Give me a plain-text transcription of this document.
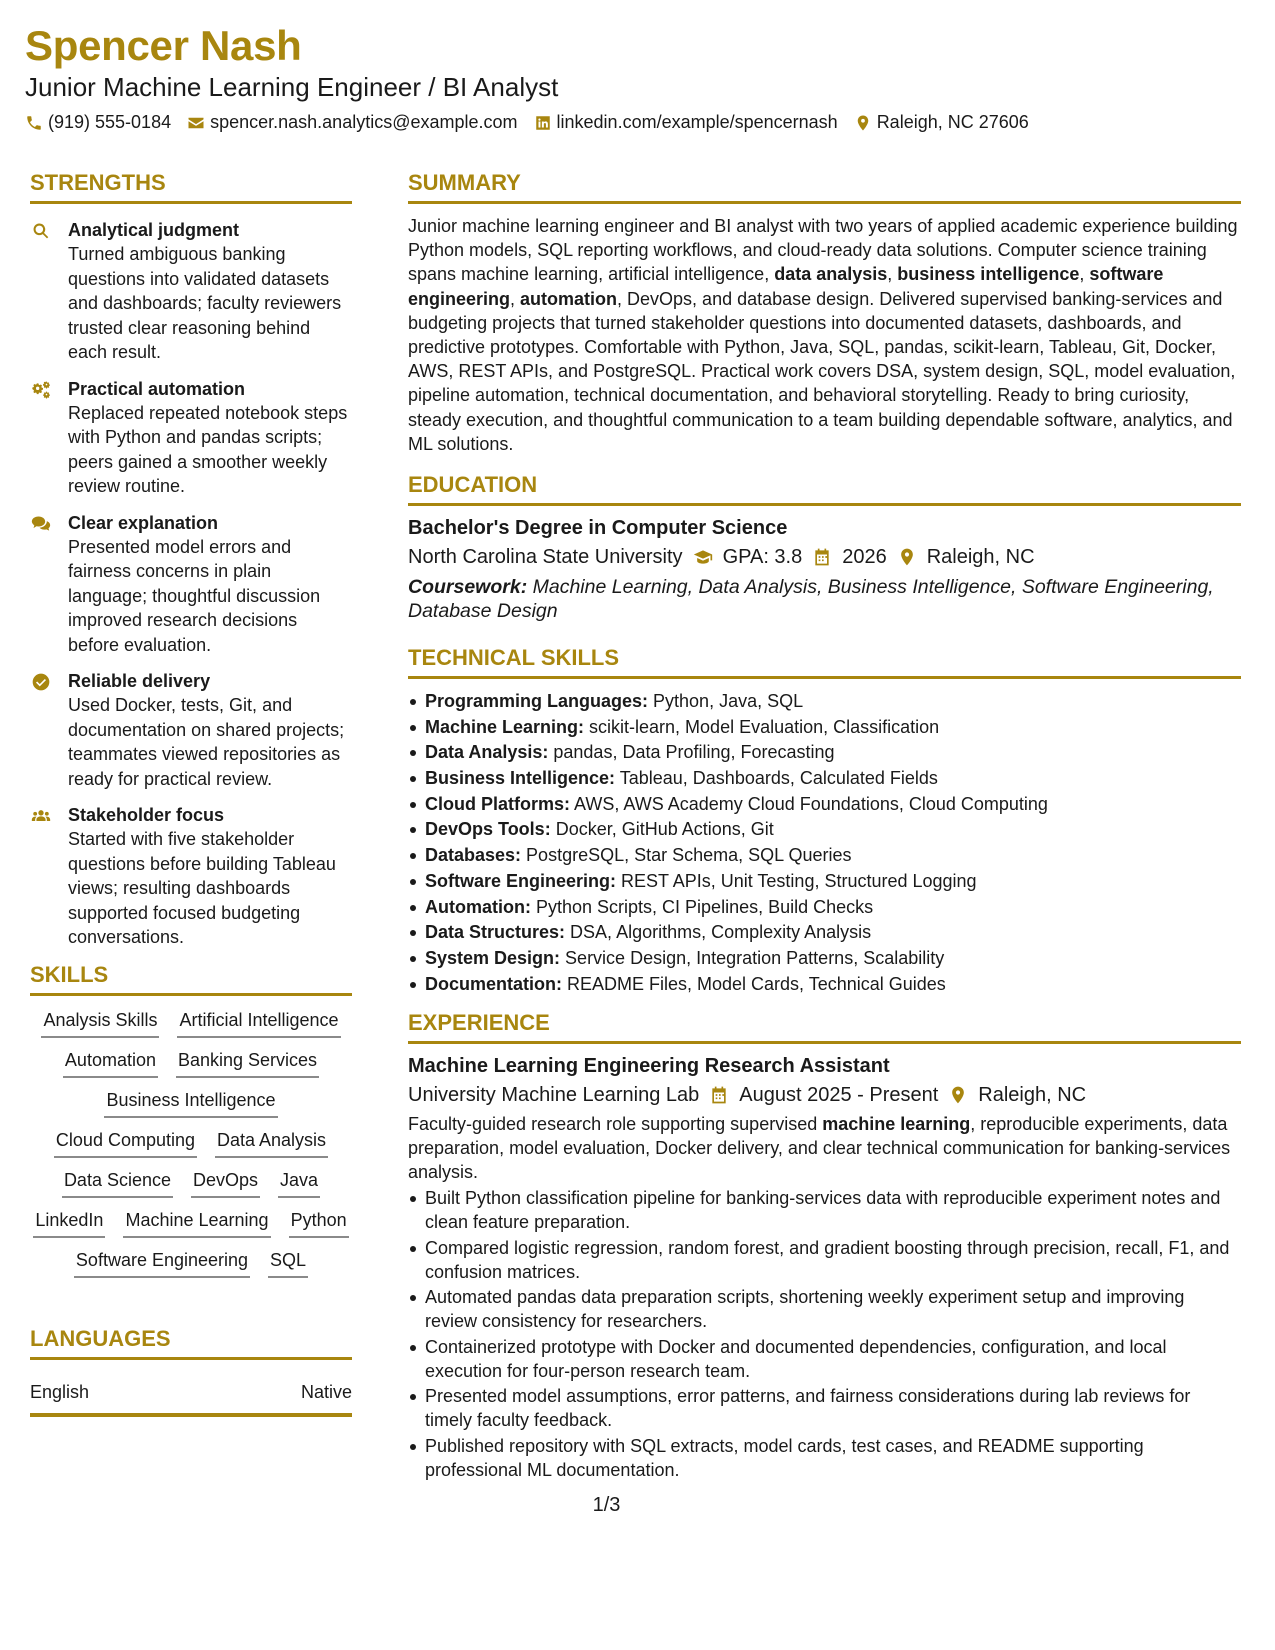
Spencer Nash
Junior Machine Learning Engineer / BI Analyst
(919) 555-0184 spencer.nash.analytics@example.com linkedin.com/example/spencernash Raleigh, NC 27606
STRENGTHS
Analytical judgment
Turned ambiguous banking questions into validated datasets and dashboards; faculty reviewers trusted clear reasoning behind each result.
Practical automation
Replaced repeated notebook steps with Python and pandas scripts; peers gained a smoother weekly review routine.
Clear explanation
Presented model errors and fairness concerns in plain language; thoughtful discussion improved research decisions before evaluation.
Reliable delivery
Used Docker, tests, Git, and documentation on shared projects; teammates viewed repositories as ready for practical review.
Stakeholder focus
Started with five stakeholder questions before building Tableau views; resulting dashboards supported focused budgeting conversations.
SKILLS
Analysis Skills Artificial Intelligence
Automation Banking Services
Business Intelligence
Cloud Computing Data Analysis
Data Science DevOps Java
LinkedIn Machine Learning Python
Software Engineering SQL
LANGUAGES
English	Native
SUMMARY

Junior machine learning engineer and BI analyst with two years of applied academic experience building Python models, SQL reporting workflows, and cloud-ready data solutions. Computer science training spans machine learning, artificial intelligence, data analysis, business intelligence, software engineering, automation, DevOps, and database design. Delivered supervised banking-services and budgeting projects that turned stakeholder questions into documented datasets, dashboards, and predictive prototypes. Comfortable with Python, Java, SQL, pandas, scikit-learn, Tableau, Git, Docker, AWS, REST APIs, and PostgreSQL. Practical work covers DSA, system design, SQL, model evaluation, pipeline automation, technical documentation, and behavioral storytelling. Ready to bring curiosity, steady execution, and thoughtful communication to a team building dependable software, analytics, and ML solutions.

EDUCATION
Bachelor's Degree in Computer Science
North Carolina State University GPA: 3.8 2026 Raleigh, NC

Coursework: Machine Learning, Data Analysis, Business Intelligence, Software Engineering, Database Design

TECHNICAL SKILLS
Programming Languages: Python, Java, SQL
Machine Learning: scikit-learn, Model Evaluation, Classification
Data Analysis: pandas, Data Profiling, Forecasting
Business Intelligence: Tableau, Dashboards, Calculated Fields
Cloud Platforms: AWS, AWS Academy Cloud Foundations, Cloud Computing
DevOps Tools: Docker, GitHub Actions, Git
Databases: PostgreSQL, Star Schema, SQL Queries
Software Engineering: REST APIs, Unit Testing, Structured Logging
Automation: Python Scripts, CI Pipelines, Build Checks
Data Structures: DSA, Algorithms, Complexity Analysis
System Design: Service Design, Integration Patterns, Scalability
Documentation: README Files, Model Cards, Technical Guides
EXPERIENCE
Machine Learning Engineering Research Assistant
University Machine Learning Lab August 2025 - Present Raleigh, NC

Faculty-guided research role supporting supervised machine learning, reproducible experiments, data preparation, model evaluation, Docker delivery, and clear technical communication for banking-services analysis.

Built Python classification pipeline for banking-services data with reproducible experiment notes and clean feature preparation.
Compared logistic regression, random forest, and gradient boosting through precision, recall, F1, and confusion matrices.
Automated pandas data preparation scripts, shortening weekly experiment setup and improving review consistency for researchers.
Containerized prototype with Docker and documented dependencies, configuration, and local execution for four-person research team.
Presented model assumptions, error patterns, and fairness considerations during lab reviews for timely faculty feedback.
Published repository with SQL extracts, model cards, test cases, and README supporting professional ML documentation.
1/3
